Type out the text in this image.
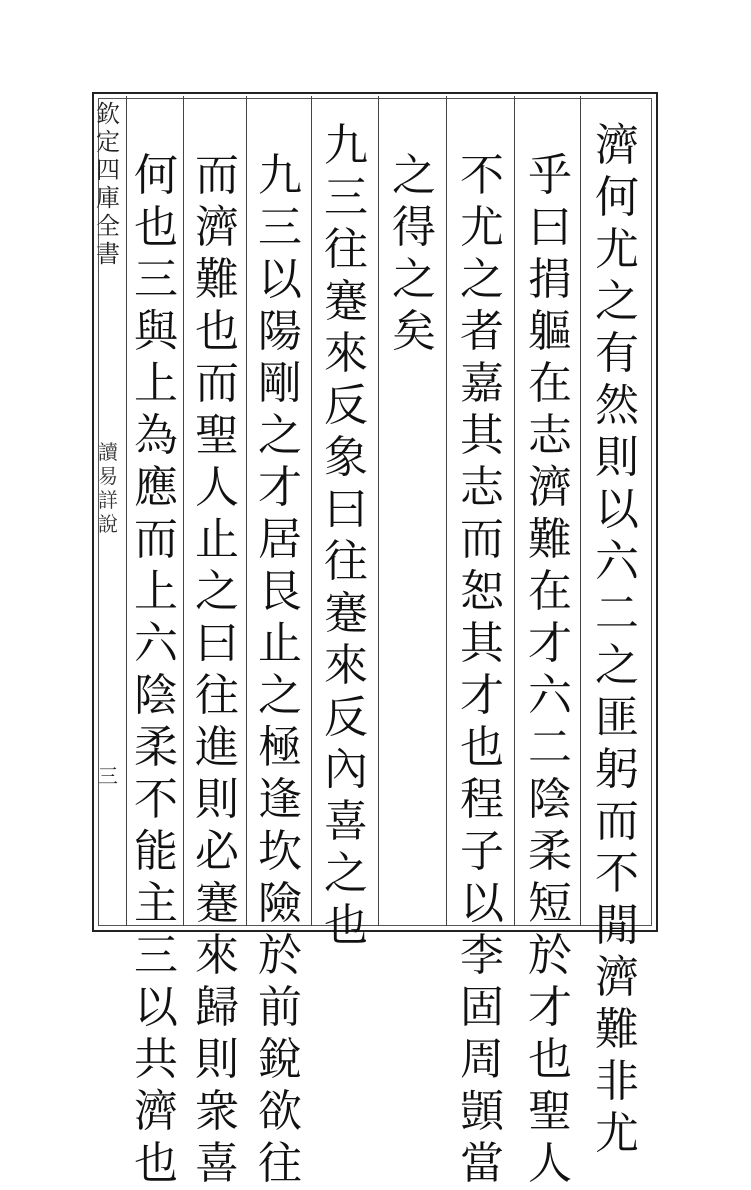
欽
定
四
庫
全
書
讀
易
詳
說
三
濟
何
尤
之
有
然
則
以
六
二
之
匪
躬
而
不
閒
濟
難
非
尤
乎
曰
捐
軀
在
志
濟
難
在
才
六
二
陰
柔
短
於
才
也
聖
人
不
尤
之
者
嘉
其
志
而
恕
其
才
也
程
子
以
李
固
周
顗
當
之
得
之
矣
九
三
往
蹇
來
反
象
曰
往
蹇
來
反
內
喜
之
也
九
三
以
陽
剛
之
才
居
艮
止
之
極
逢
坎
險
於
前
銳
欲
往
而
濟
難
也
而
聖
人
止
之
曰
往
進
則
必
蹇
來
歸
則
衆
喜
何
也
三
與
上
為
應
而
上
六
陰
柔
不
能
主
三
以
共
濟
也
